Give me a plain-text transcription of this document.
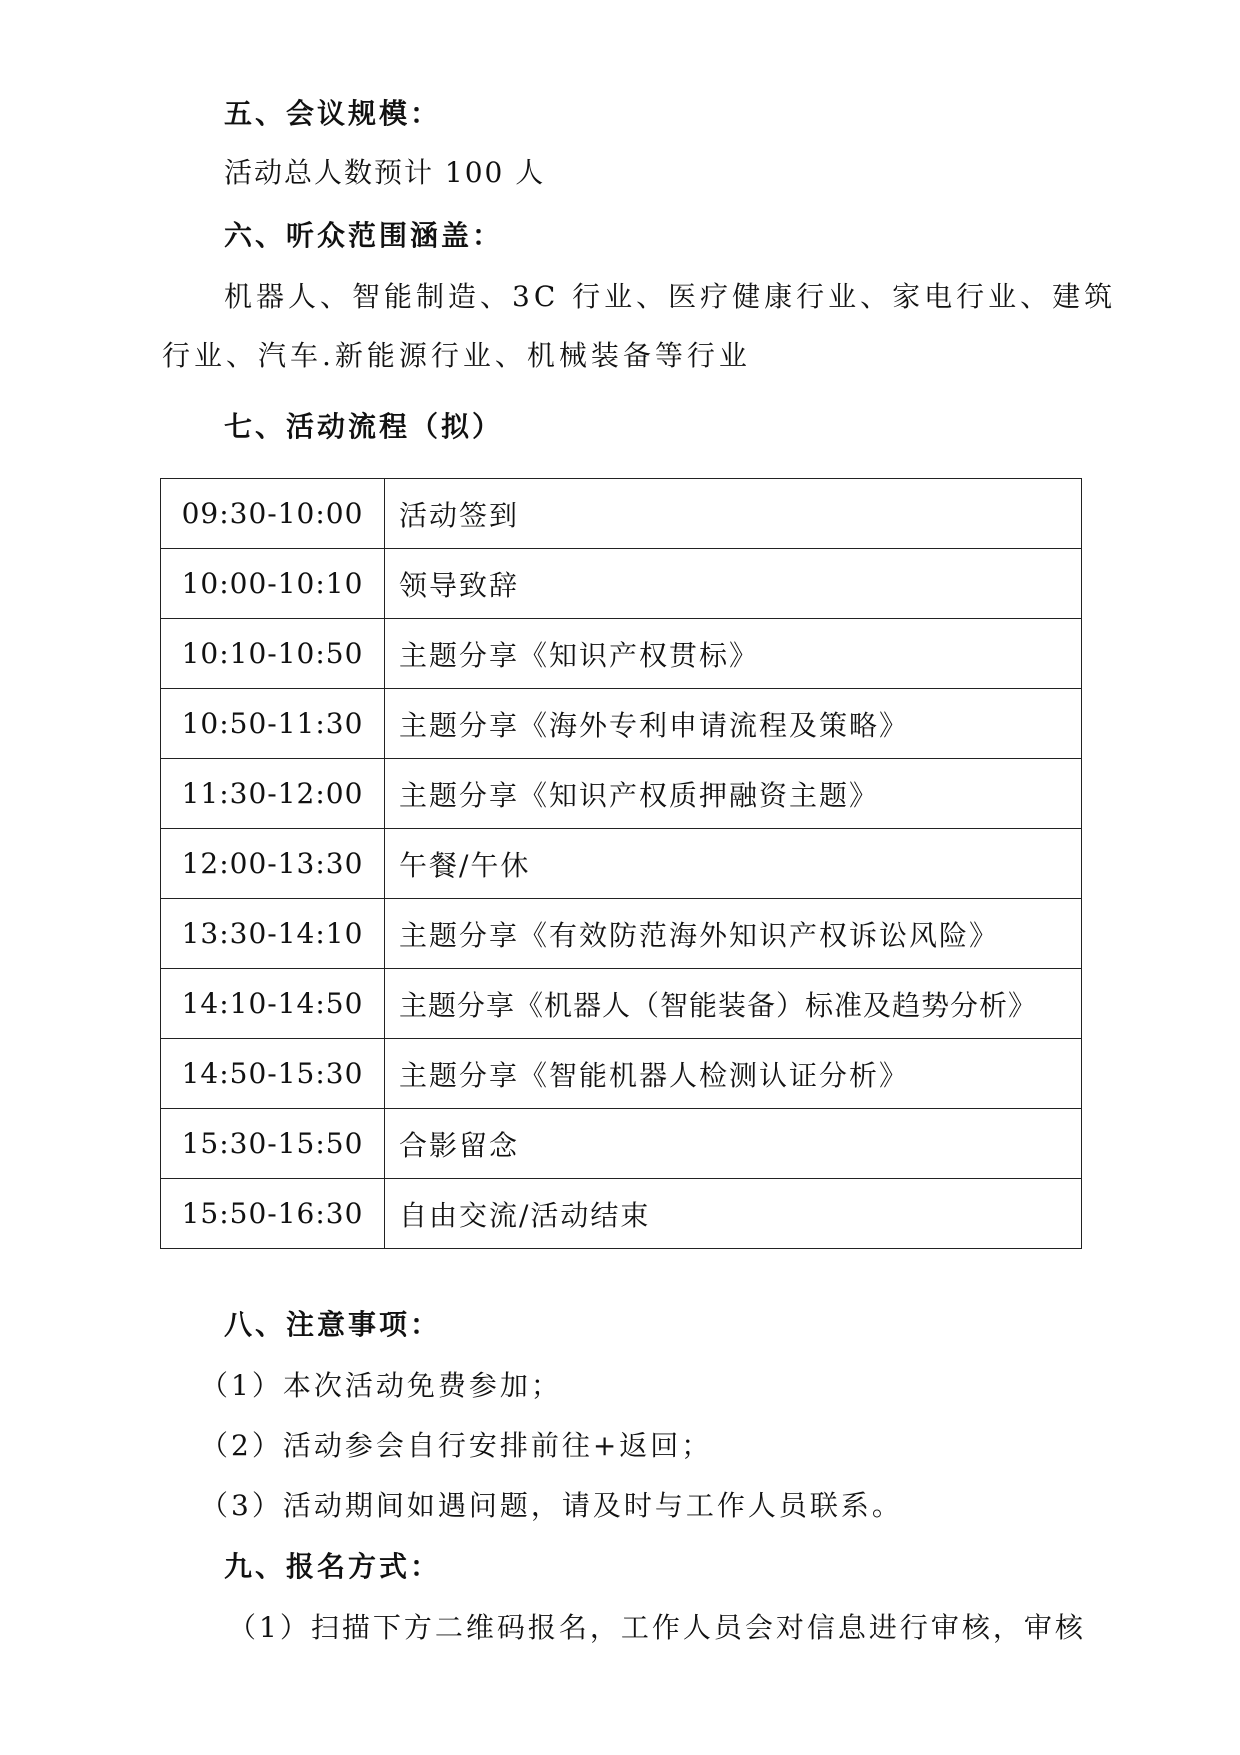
五、会议规模：
活动总人数预计 100 人
六、听众范围涵盖：
机器人、智能制造、3C 行业、医疗健康行业、家电行业、建筑
行业、汽车.新能源行业、机械装备等行业
七、活动流程（拟）
09:30-10:00	活动签到
10:00-10:10	领导致辞
10:10-10:50	主题分享《知识产权贯标》
10:50-11:30	主题分享《海外专利申请流程及策略》
11:30-12:00	主题分享《知识产权质押融资主题》
12:00-13:30	午餐/午休
13:30-14:10	主题分享《有效防范海外知识产权诉讼风险》
14:10-14:50	主题分享《机器人（智能装备）标准及趋势分析》
14:50-15:30	主题分享《智能机器人检测认证分析》
15:30-15:50	合影留念
15:50-16:30	自由交流/活动结束
八、注意事项：
（1）本次活动免费参加；
（2）活动参会自行安排前往+返回；
（3）活动期间如遇问题，请及时与工作人员联系。
九、报名方式：
（1）扫描下方二维码报名，工作人员会对信息进行审核，审核
